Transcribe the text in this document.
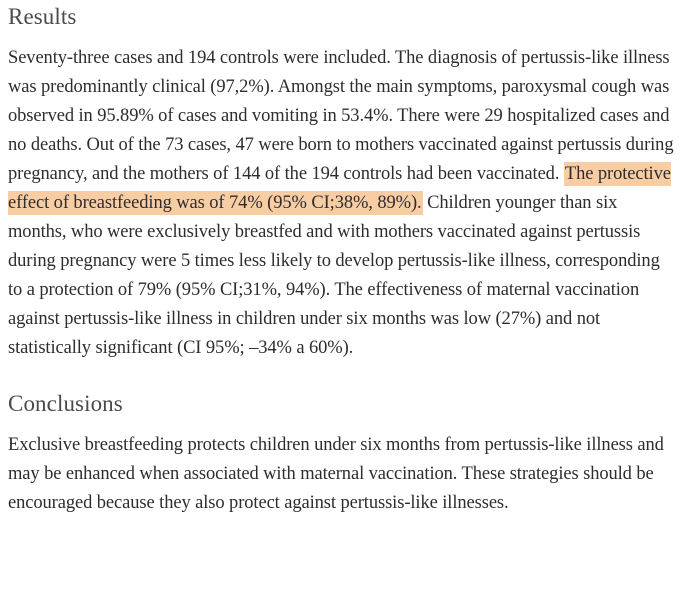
Results

Seventy-three cases and 194 controls were included. The diagnosis of pertussis-like illness was predominantly clinical (97,2%). Amongst the main symptoms, paroxysmal cough was observed in 95.89% of cases and vomiting in 53.4%. There were 29 hospitalized cases and no deaths. Out of the 73 cases, 47 were born to mothers vaccinated against pertussis during pregnancy, and the mothers of 144 of the 194 controls had been vaccinated. The protective effect of breastfeeding was of 74% (95% CI;38%, 89%). Children younger than six months, who were exclusively breastfed and with mothers vaccinated against pertussis during pregnancy were 5 times less likely to develop pertussis-like illness, corresponding to a protection of 79% (95% CI;31%, 94%). The effectiveness of maternal vaccination against pertussis-like illness in children under six months was low (27%) and not statistically significant (CI 95%; –34% a 60%).

Conclusions

Exclusive breastfeeding protects children under six months from pertussis-like illness and may be enhanced when associated with maternal vaccination. These strategies should be encouraged because they also protect against pertussis-like illnesses.
